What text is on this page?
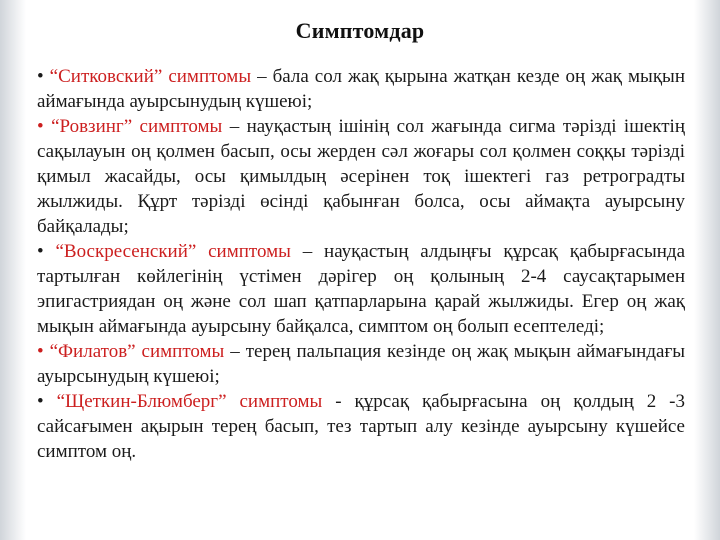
Симптомдар

• “Ситковский” симптомы – бала сол жақ қырына жатқан кезде оң жақ мықын аймағында ауырсынудың күшеюі;

• “Ровзинг” симптомы – науқастың ішінің сол жағында сигма тәрізді ішектің сақылауын оң қолмен басып, осы жерден сәл жоғары сол қолмен соққы тәрізді қимыл жасайды, осы қимылдың әсерінен тоқ ішектегі газ ретроградты жылжиды. Құрт тәрізді өсінді қабынған болса, осы аймақта ауырсыну байқалады;

• “Воскресенский” симптомы – науқастың алдыңғы құрсақ қабырғасында тартылған көйлегінің үстімен дәрігер оң қолының 2-4 саусақтарымен эпигастриядан оң және сол шап қатпарларына қарай жылжиды. Егер оң жақ мықын аймағында ауырсыну байқалса, симптом оң болып есептеледі;

• “Филатов” симптомы – терең пальпация кезінде оң жақ мықын аймағындағы ауырсынудың күшеюі;

• “Щеткин-Блюмберг” симптомы - құрсақ қабырғасына оң қолдың 2 -3 сайсағымен ақырын терең басып, тез тартып алу кезінде ауырсыну күшейсе симптом оң.
